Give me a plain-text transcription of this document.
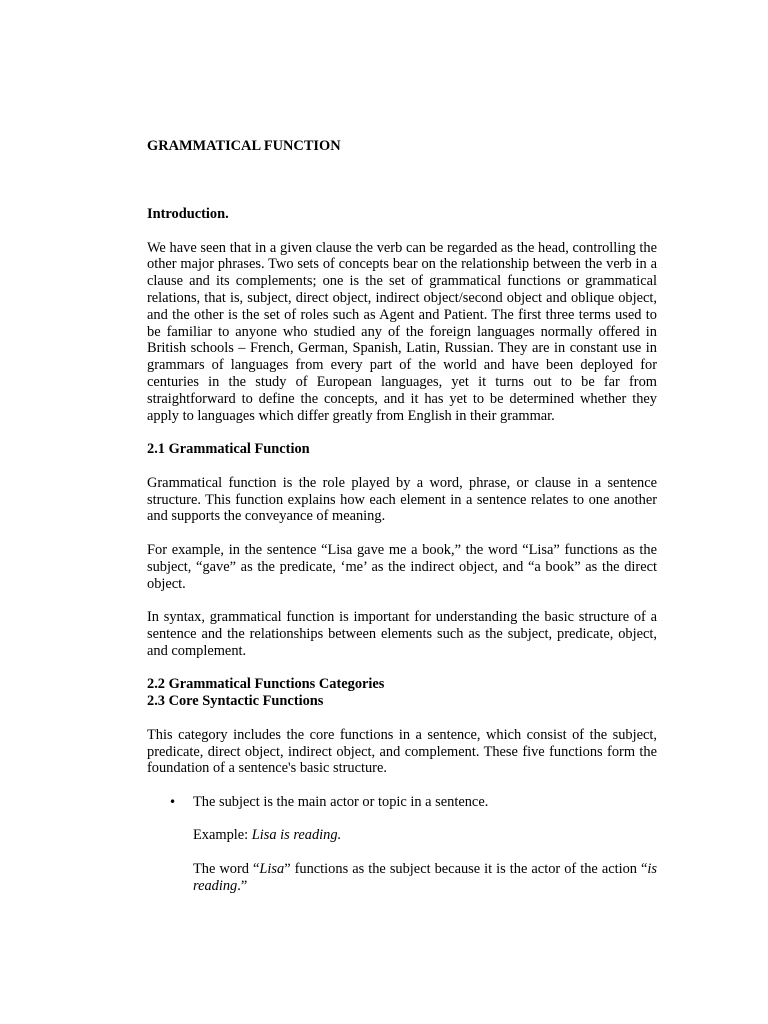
GRAMMATICAL FUNCTION
Introduction.

We have seen that in a given clause the verb can be regarded as the head, controlling the other major phrases. Two sets of concepts bear on the relationship between the verb in a clause and its complements; one is the set of grammatical functions or grammatical relations, that is, subject, direct object, indirect object/second object and oblique object, and the other is the set of roles such as Agent and Patient. The first three terms used to be familiar to anyone who studied any of the foreign languages normally offered in British schools – French, German, Spanish, Latin, Russian. They are in constant use in grammars of languages from every part of the world and have been deployed for centuries in the study of European languages, yet it turns out to be far from straightforward to define the concepts, and it has yet to be determined whether they apply to languages which differ greatly from English in their grammar.

2.1 Grammatical Function

Grammatical function is the role played by a word, phrase, or clause in a sentence structure. This function explains how each element in a sentence relates to one another and supports the conveyance of meaning.

For example, in the sentence “Lisa gave me a book,” the word “Lisa” functions as the subject, “gave” as the predicate, ‘me’ as the indirect object, and “a book” as the direct object.

In syntax, grammatical function is important for understanding the basic structure of a sentence and the relationships between elements such as the subject, predicate, object, and complement.

2.2 Grammatical Functions Categories
2.3 Core Syntactic Functions

This category includes the core functions in a sentence, which consist of the subject, predicate, direct object, indirect object, and complement. These five functions form the foundation of a sentence's basic structure.

• The subject is the main actor or topic in a sentence.

Example: Lisa is reading.

The word “Lisa” functions as the subject because it is the actor of the action “is reading.”
